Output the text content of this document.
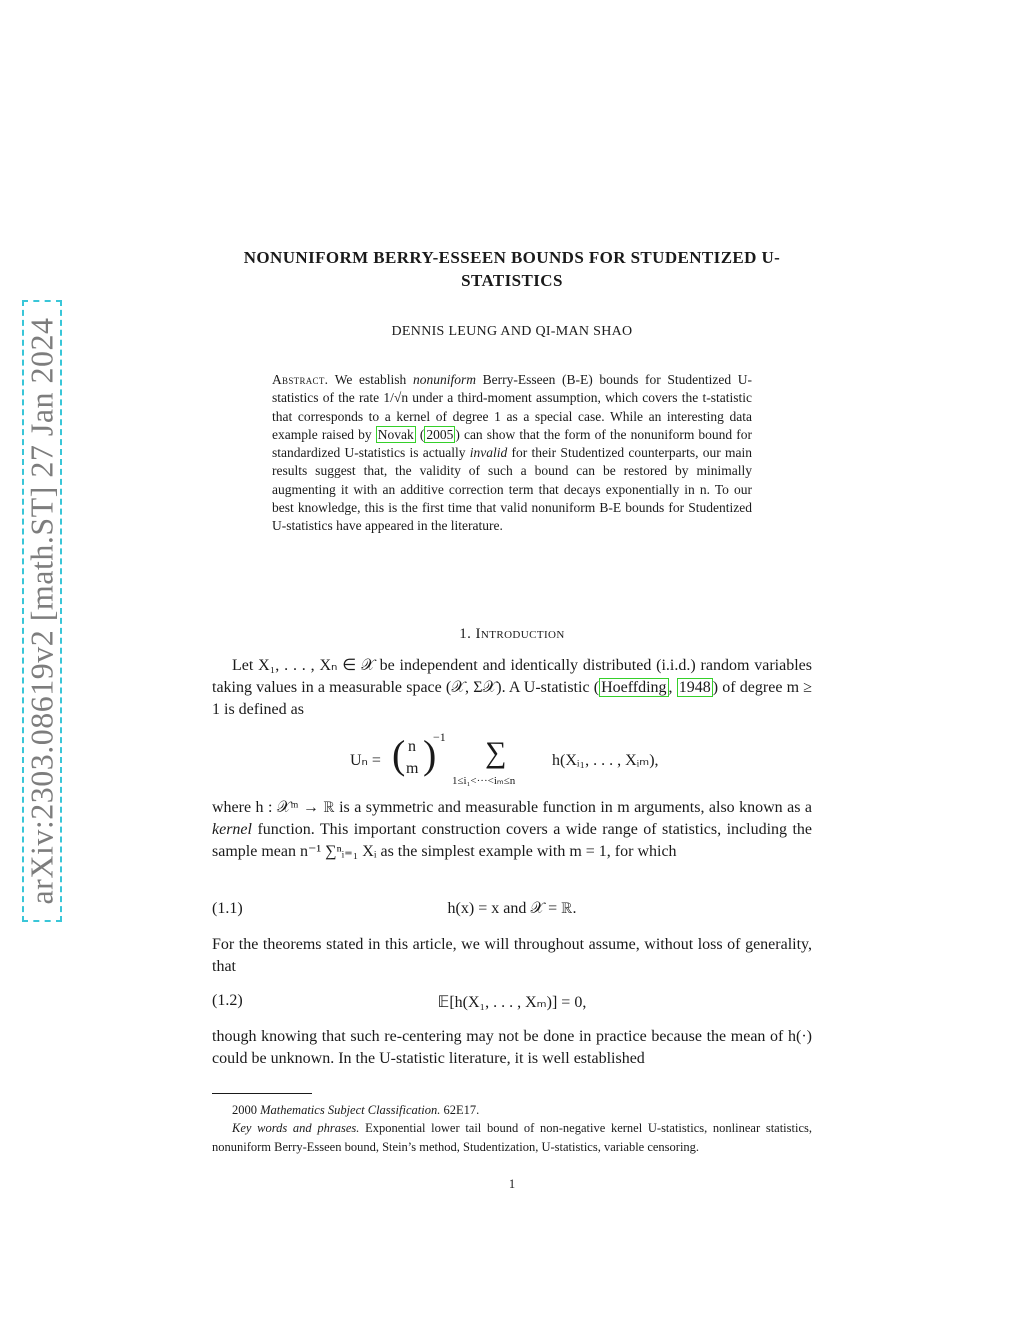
arXiv:2303.08619v2 [math.ST] 27 Jan 2024
NONUNIFORM BERRY-ESSEEN BOUNDS FOR STUDENTIZED U-STATISTICS
DENNIS LEUNG AND QI-MAN SHAO
Abstract. We establish nonuniform Berry-Esseen (B-E) bounds for Studentized U-statistics of the rate 1/√n under a third-moment assumption, which covers the t-statistic that corresponds to a kernel of degree 1 as a special case. While an interesting data example raised by Novak ( 2005 ) can show that the form of the nonuniform bound for standardized U-statistics is actually invalid for their Studentized counterparts, our main results suggest that, the validity of such a bound can be restored by minimally augmenting it with an additive correction term that decays exponentially in n. To our best knowledge, this is the first time that valid nonuniform B-E bounds for Studentized U-statistics have appeared in the literature.
1. Introduction
Let X₁, . . . , Xₙ ∈ 𝒳 be independent and identically distributed (i.i.d.) random variables taking values in a measurable space (𝒳, Σ𝒳). A U-statistic ( Hoeffding , 1948 ) of degree m ≥ 1 is defined as
Uₙ = ( n
m )
−1 ∑
1≤i₁<···<iₘ≤n
h(Xᵢ₁, . . . , Xᵢₘ),
where h : 𝒳ᵐ → ℝ is a symmetric and measurable function in m arguments, also known as a kernel function. This important construction covers a wide range of statistics, including the sample mean n⁻¹ ∑ⁿᵢ₌₁ Xᵢ as the simplest example with m = 1, for which
(1.1)	h(x) = x and 𝒳 = ℝ.
For the theorems stated in this article, we will throughout assume, without loss of generality, that
(1.2)	𝔼[h(X₁, . . . , Xₘ)] = 0,
though knowing that such re-centering may not be done in practice because the mean of h(·) could be unknown. In the U-statistic literature, it is well established
2000 Mathematics Subject Classification. 62E17.
Key words and phrases. Exponential lower tail bound of non-negative kernel U-statistics, nonlinear statistics, nonuniform Berry-Esseen bound, Stein’s method, Studentization, U-statistics, variable censoring.
1
